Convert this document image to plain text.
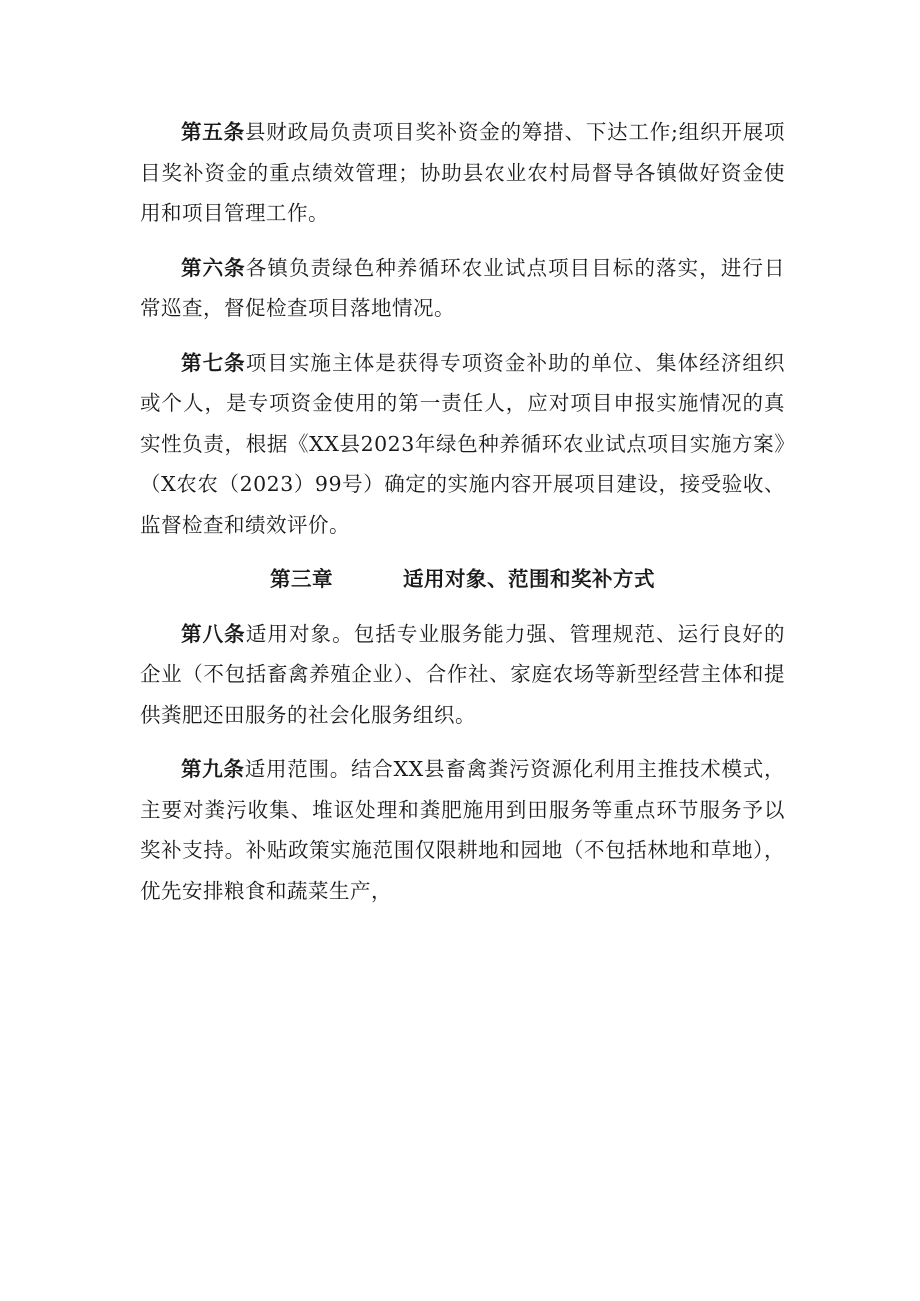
第五条县财政局负责项目奖补资金的筹措、下达工作;组织开展项目奖补资金的重点绩效管理；协助县农业农村局督导各镇做好资金使用和项目管理工作。

第六条各镇负责绿色种养循环农业试点项目目标的落实，进行日常巡查，督促检查项目落地情况。

第七条项目实施主体是获得专项资金补助的单位、集体经济组织或个人，是专项资金使用的第一责任人，应对项目申报实施情况的真实性负责，根据《XX县2023年绿色种养循环农业试点项目实施方案》（X农农（2023）99号）确定的实施内容开展项目建设，接受验收、监督检查和绩效评价。

第三章	适用对象、范围和奖补方式

第八条适用对象。包括专业服务能力强、管理规范、运行良好的企业（不包括畜禽养殖企业）、合作社、家庭农场等新型经营主体和提供粪肥还田服务的社会化服务组织。

第九条适用范围。结合XX县畜禽粪污资源化利用主推技术模式，主要对粪污收集、堆讴处理和粪肥施用到田服务等重点环节服务予以奖补支持。补贴政策实施范围仅限耕地和园地（不包括林地和草地），优先安排粮食和蔬菜生产，
